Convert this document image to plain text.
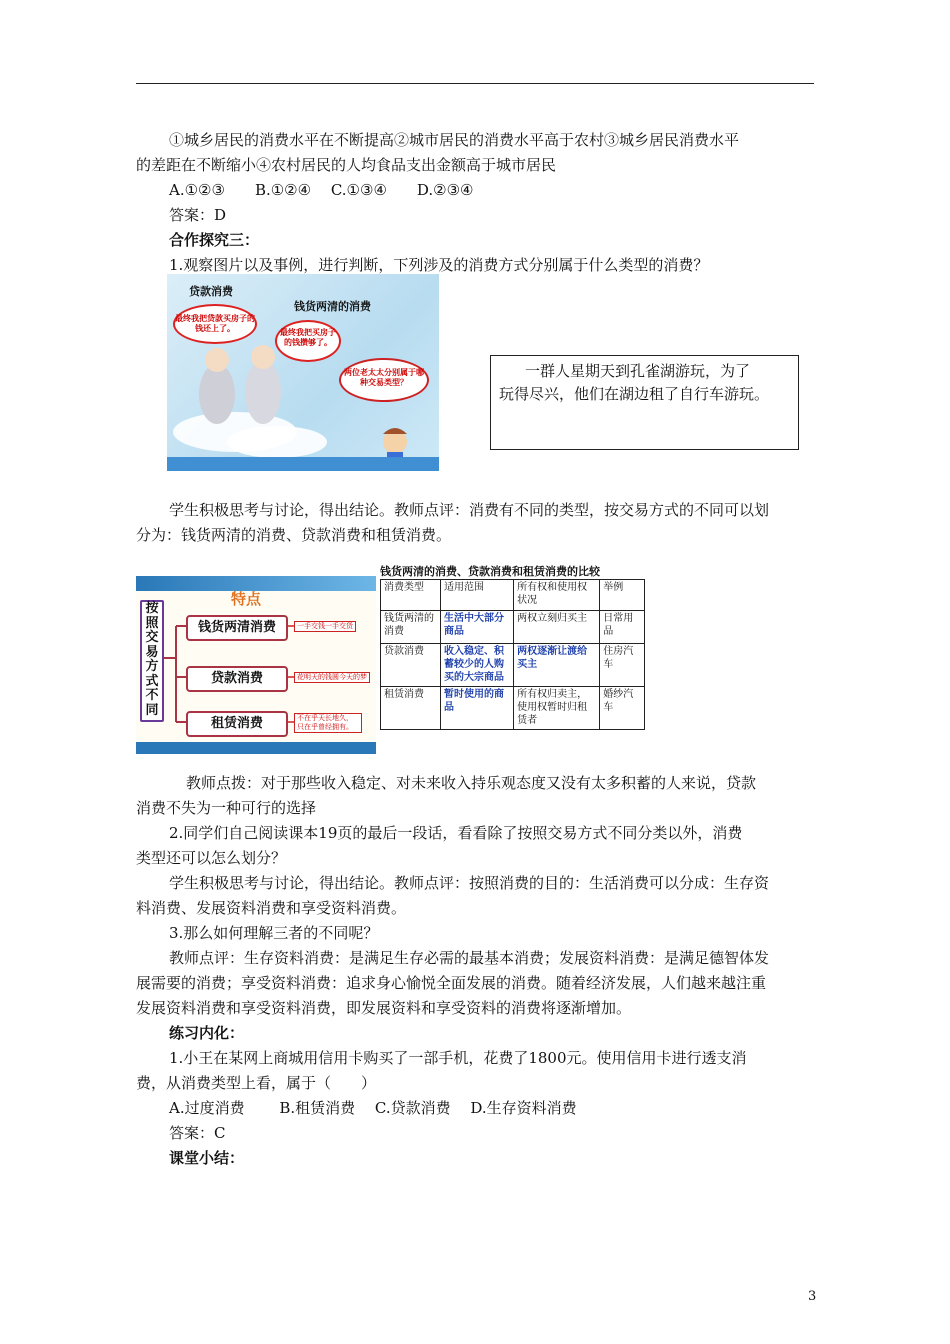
①城乡居民的消费水平在不断提高②城市居民的消费水平高于农村③城乡居民消费水平
的差距在不断缩小④农村居民的人均食品支出金额高于城市居民
A.①②③　　B.①②④　 C.①③④　　D.②③④
答案：D
合作探究三：
1.观察图片以及事例，进行判断，下列涉及的消费方式分别属于什么类型的消费？
贷款消费
钱货两清的消费
最终我把贷款买房子的钱还上了。	最终我把买房子的钱攒够了。
两位老太太分别属于哪种交易类型？
一群人星期天到孔雀湖游玩，为了
玩得尽兴，他们在湖边租了自行车游玩。
学生积极思考与讨论，得出结论。教师点评：消费有不同的类型，按交易方式的不同可以划
分为：钱货两清的消费、贷款消费和租赁消费。
特点
按照交易方式不同
钱货两清消费
贷款消费
租赁消费
一手交钱一手交货
花明天的钱圆今天的梦
不在乎天长地久，只在乎曾经拥有。
钱货两清的消费、贷款消费和租赁消费的比较
消费类型	适用范围	所有权和使用权状况	举例
钱货两清的消费	生活中大部分商品	两权立刻归买主	日常用品
贷款消费	收入稳定、积蓄较少的人购买的大宗商品	两权逐渐让渡给买主	住房汽车
租赁消费	暂时使用的商品	所有权归卖主，使用权暂时归租赁者	婚纱汽车
教师点拨：对于那些收入稳定、对未来收入持乐观态度又没有太多积蓄的人来说，贷款
消费不失为一种可行的选择
2.同学们自己阅读课本19页的最后一段话，看看除了按照交易方式不同分类以外，消费
类型还可以怎么划分？
学生积极思考与讨论，得出结论。教师点评：按照消费的目的：生活消费可以分成：生存资
料消费、发展资料消费和享受资料消费。
3.那么如何理解三者的不同呢？
教师点评：生存资料消费：是满足生存必需的最基本消费；发展资料消费：是满足德智体发
展需要的消费；享受资料消费：追求身心愉悦全面发展的消费。随着经济发展，人们越来越注重
发展资料消费和享受资料消费，即发展资料和享受资料的消费将逐渐增加。
练习内化：
1.小王在某网上商城用信用卡购买了一部手机，花费了1800元。使用信用卡进行透支消
费，从消费类型上看，属于（　　）
A.过度消费　　 B.租赁消费　 C.贷款消费　 D.生存资料消费
答案：C
课堂小结：
3
